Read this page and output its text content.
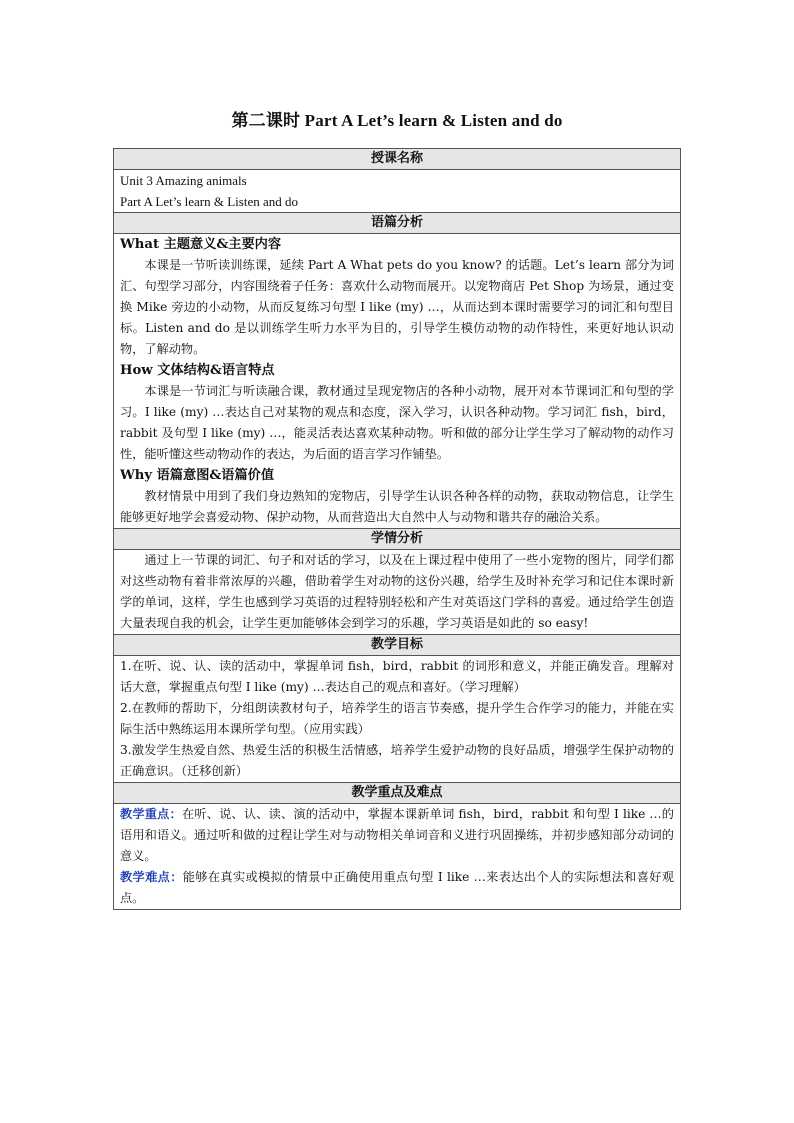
第二课时 Part A Let’s learn & Listen and do
授课名称

Unit 3 Amazing animals
Part A Let’s learn & Listen and do

语篇分析

What 主题意义&主要内容
本课是一节听读训练课，延续 Part A What pets do you know? 的话题。Let’s learn 部分为词汇、句型学习部分，内容围绕着子任务：喜欢什么动物而展开。以宠物商店 Pet Shop 为场景，通过变换 Mike 旁边的小动物，从而反复练习句型 I like (my) …，从而达到本课时需要学习的词汇和句型目标。Listen and do 是以训练学生听力水平为目的，引导学生模仿动物的动作特性，来更好地认识动物，了解动物。
How 文体结构&语言特点
本课是一节词汇与听读融合课，教材通过呈现宠物店的各种小动物，展开对本节课词汇和句型的学习。I like (my) …表达自己对某物的观点和态度，深入学习，认识各种动物。学习词汇 fish，bird，rabbit 及句型 I like (my) …，能灵活表达喜欢某种动物。听和做的部分让学生学习了解动物的动作习性，能听懂这些动物动作的表达，为后面的语言学习作铺垫。
Why 语篇意图&语篇价值
教材情景中用到了我们身边熟知的宠物店，引导学生认识各种各样的动物，获取动物信息，让学生能够更好地学会喜爱动物、保护动物，从而营造出大自然中人与动物和谐共存的融洽关系。

学情分析

通过上一节课的词汇、句子和对话的学习，以及在上课过程中使用了一些小宠物的图片，同学们都对这些动物有着非常浓厚的兴趣，借助着学生对动物的这份兴趣，给学生及时补充学习和记住本课时新学的单词，这样，学生也感到学习英语的过程特别轻松和产生对英语这门学科的喜爱。通过给学生创造大量表现自我的机会，让学生更加能够体会到学习的乐趣，学习英语是如此的 so easy!

教学目标

1.在听、说、认、读的活动中，掌握单词 fish，bird，rabbit 的词形和意义，并能正确发音。理解对话大意，掌握重点句型 I like (my) …表达自己的观点和喜好。（学习理解）
2.在教师的帮助下，分组朗读教材句子，培养学生的语言节奏感，提升学生合作学习的能力，并能在实际生活中熟练运用本课所学句型。（应用实践）
3.激发学生热爱自然、热爱生活的积极生活情感，培养学生爱护动物的良好品质，增强学生保护动物的正确意识。（迁移创新）

教学重点及难点

教学重点：在听、说、认、读、演的活动中，掌握本课新单词 fish，bird，rabbit 和句型 I like …的语用和语义。通过听和做的过程让学生对与动物相关单词音和义进行巩固操练，并初步感知部分动词的意义。
教学难点：能够在真实或模拟的情景中正确使用重点句型 I like …来表达出个人的实际想法和喜好观点。
